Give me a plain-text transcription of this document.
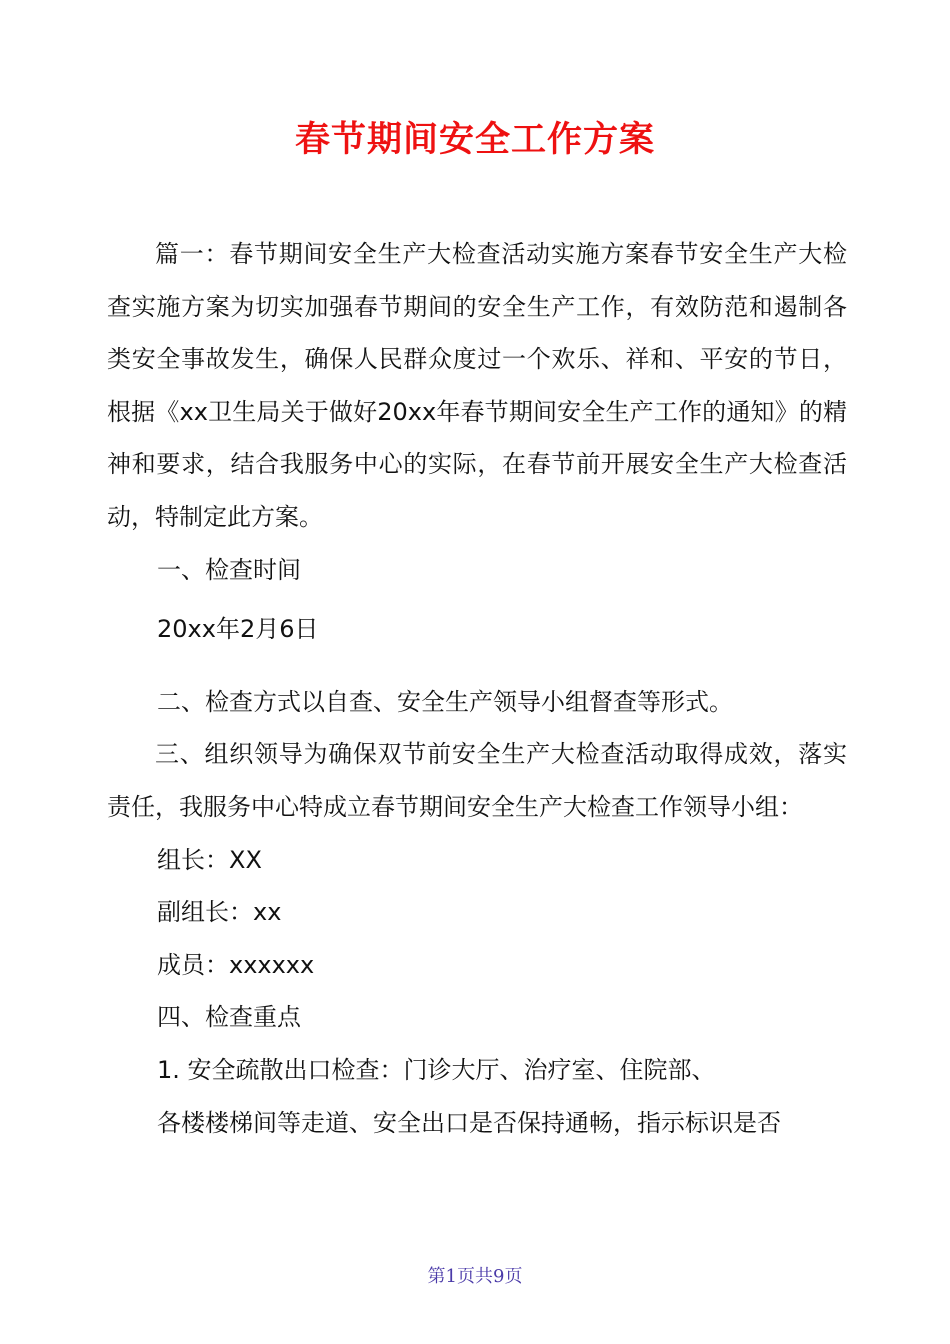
春节期间安全工作方案

篇一：春节期间安全生产大检查活动实施方案春节安全生产大检查实施方案为切实加强春节期间的安全生产工作，有效防范和遏制各类安全事故发生，确保人民群众度过一个欢乐、祥和、平安的节日，根据《xx卫生局关于做好20xx年春节期间安全生产工作的通知》的精神和要求，结合我服务中心的实际，在春节前开展安全生产大检查活动，特制定此方案。

一、检查时间

20xx年2月6日

二、检查方式以自查、安全生产领导小组督查等形式。

三、组织领导为确保双节前安全生产大检查活动取得成效，落实责任，我服务中心特成立春节期间安全生产大检查工作领导小组：

组长：XX

副组长：xx

成员：xxxxxx

四、检查重点

1. 安全疏散出口检查：门诊大厅、治疗室、住院部、

各楼楼梯间等走道、安全出口是否保持通畅，指示标识是否

第1页共9页
